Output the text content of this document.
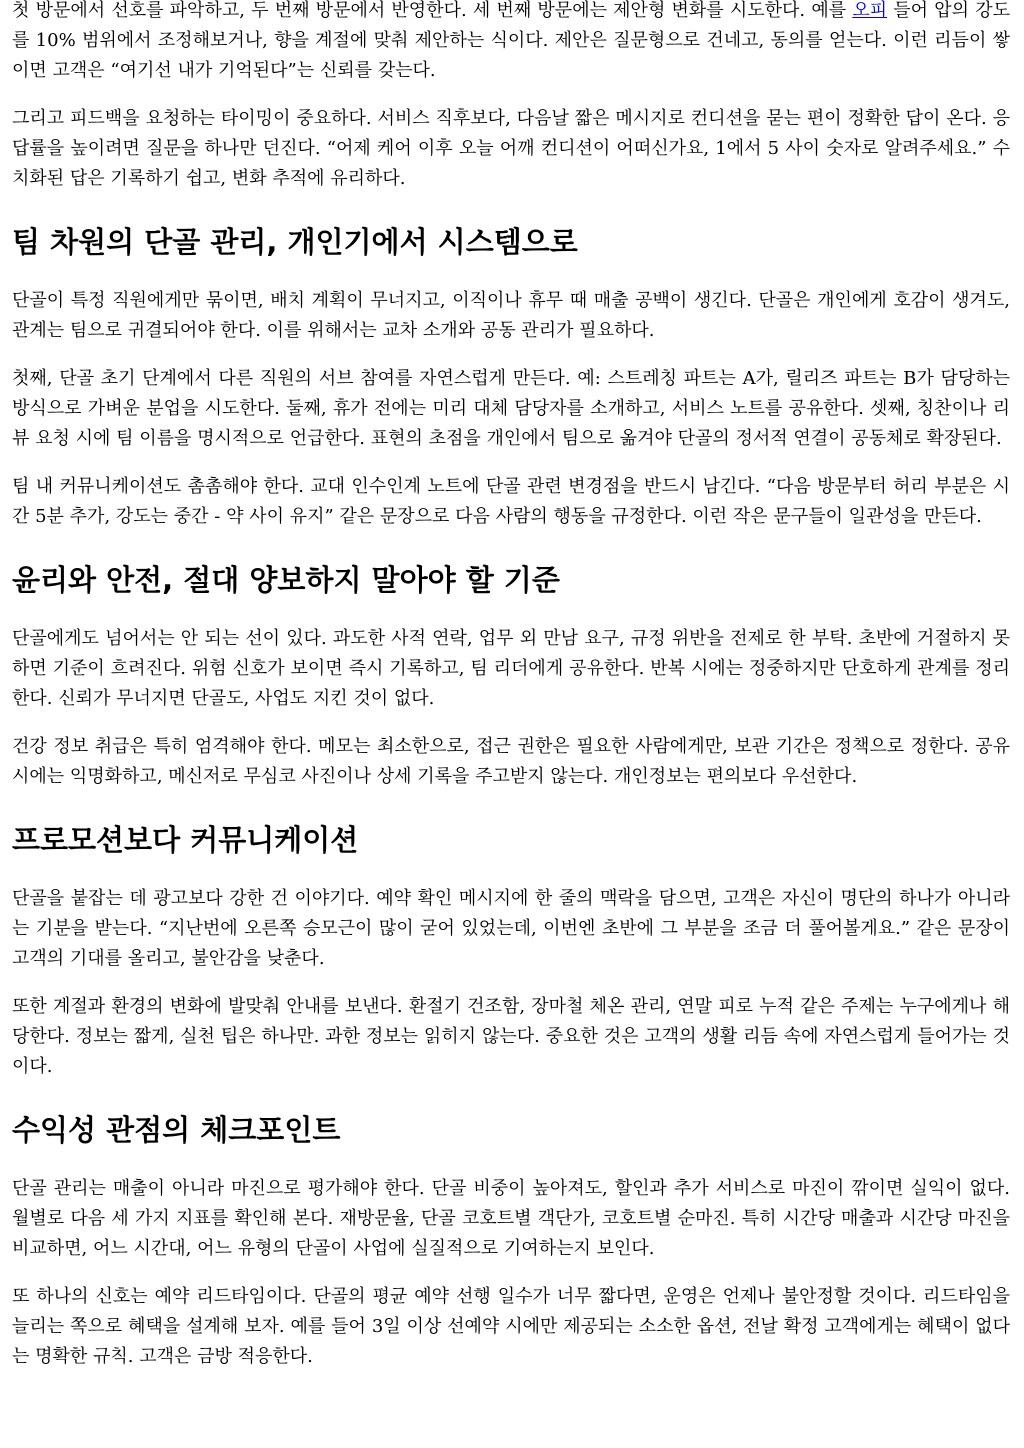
첫 방문에서 선호를 파악하고, 두 번째 방문에서 반영한다. 세 번째 방문에는 제안형 변화를 시도한다. 예를 오피 들어 압의 강도를 10% 범위에서 조정해보거나, 향을 계절에 맞춰 제안하는 식이다. 제안은 질문형으로 건네고, 동의를 얻는다. 이런 리듬이 쌓이면 고객은 “여기선 내가 기억된다”는 신뢰를 갖는다.

그리고 피드백을 요청하는 타이밍이 중요하다. 서비스 직후보다, 다음날 짧은 메시지로 컨디션을 묻는 편이 정확한 답이 온다. 응답률을 높이려면 질문을 하나만 던진다. “어제 케어 이후 오늘 어깨 컨디션이 어떠신가요, 1에서 5 사이 숫자로 알려주세요.” 수치화된 답은 기록하기 쉽고, 변화 추적에 유리하다.

팀 차원의 단골 관리, 개인기에서 시스템으로

단골이 특정 직원에게만 묶이면, 배치 계획이 무너지고, 이직이나 휴무 때 매출 공백이 생긴다. 단골은 개인에게 호감이 생겨도, 관계는 팀으로 귀결되어야 한다. 이를 위해서는 교차 소개와 공동 관리가 필요하다.

첫째, 단골 초기 단계에서 다른 직원의 서브 참여를 자연스럽게 만든다. 예: 스트레칭 파트는 A가, 릴리즈 파트는 B가 담당하는 방식으로 가벼운 분업을 시도한다. 둘째, 휴가 전에는 미리 대체 담당자를 소개하고, 서비스 노트를 공유한다. 셋째, 칭찬이나 리뷰 요청 시에 팀 이름을 명시적으로 언급한다. 표현의 초점을 개인에서 팀으로 옮겨야 단골의 정서적 연결이 공동체로 확장된다.

팀 내 커뮤니케이션도 촘촘해야 한다. 교대 인수인계 노트에 단골 관련 변경점을 반드시 남긴다. “다음 방문부터 허리 부분은 시간 5분 추가, 강도는 중간 - 약 사이 유지” 같은 문장으로 다음 사람의 행동을 규정한다. 이런 작은 문구들이 일관성을 만든다.

윤리와 안전, 절대 양보하지 말아야 할 기준

단골에게도 넘어서는 안 되는 선이 있다. 과도한 사적 연락, 업무 외 만남 요구, 규정 위반을 전제로 한 부탁. 초반에 거절하지 못하면 기준이 흐려진다. 위험 신호가 보이면 즉시 기록하고, 팀 리더에게 공유한다. 반복 시에는 정중하지만 단호하게 관계를 정리한다. 신뢰가 무너지면 단골도, 사업도 지킨 것이 없다.

건강 정보 취급은 특히 엄격해야 한다. 메모는 최소한으로, 접근 권한은 필요한 사람에게만, 보관 기간은 정책으로 정한다. 공유 시에는 익명화하고, 메신저로 무심코 사진이나 상세 기록을 주고받지 않는다. 개인정보는 편의보다 우선한다.

프로모션보다 커뮤니케이션

단골을 붙잡는 데 광고보다 강한 건 이야기다. 예약 확인 메시지에 한 줄의 맥락을 담으면, 고객은 자신이 명단의 하나가 아니라는 기분을 받는다. “지난번에 오른쪽 승모근이 많이 굳어 있었는데, 이번엔 초반에 그 부분을 조금 더 풀어볼게요.” 같은 문장이 고객의 기대를 올리고, 불안감을 낮춘다.

또한 계절과 환경의 변화에 발맞춰 안내를 보낸다. 환절기 건조함, 장마철 체온 관리, 연말 피로 누적 같은 주제는 누구에게나 해당한다. 정보는 짧게, 실천 팁은 하나만. 과한 정보는 읽히지 않는다. 중요한 것은 고객의 생활 리듬 속에 자연스럽게 들어가는 것이다.

수익성 관점의 체크포인트

단골 관리는 매출이 아니라 마진으로 평가해야 한다. 단골 비중이 높아져도, 할인과 추가 서비스로 마진이 깎이면 실익이 없다. 월별로 다음 세 가지 지표를 확인해 본다. 재방문율, 단골 코호트별 객단가, 코호트별 순마진. 특히 시간당 매출과 시간당 마진을 비교하면, 어느 시간대, 어느 유형의 단골이 사업에 실질적으로 기여하는지 보인다.

또 하나의 신호는 예약 리드타임이다. 단골의 평균 예약 선행 일수가 너무 짧다면, 운영은 언제나 불안정할 것이다. 리드타임을 늘리는 쪽으로 혜택을 설계해 보자. 예를 들어 3일 이상 선예약 시에만 제공되는 소소한 옵션, 전날 확정 고객에게는 혜택이 없다는 명확한 규칙. 고객은 금방 적응한다.
